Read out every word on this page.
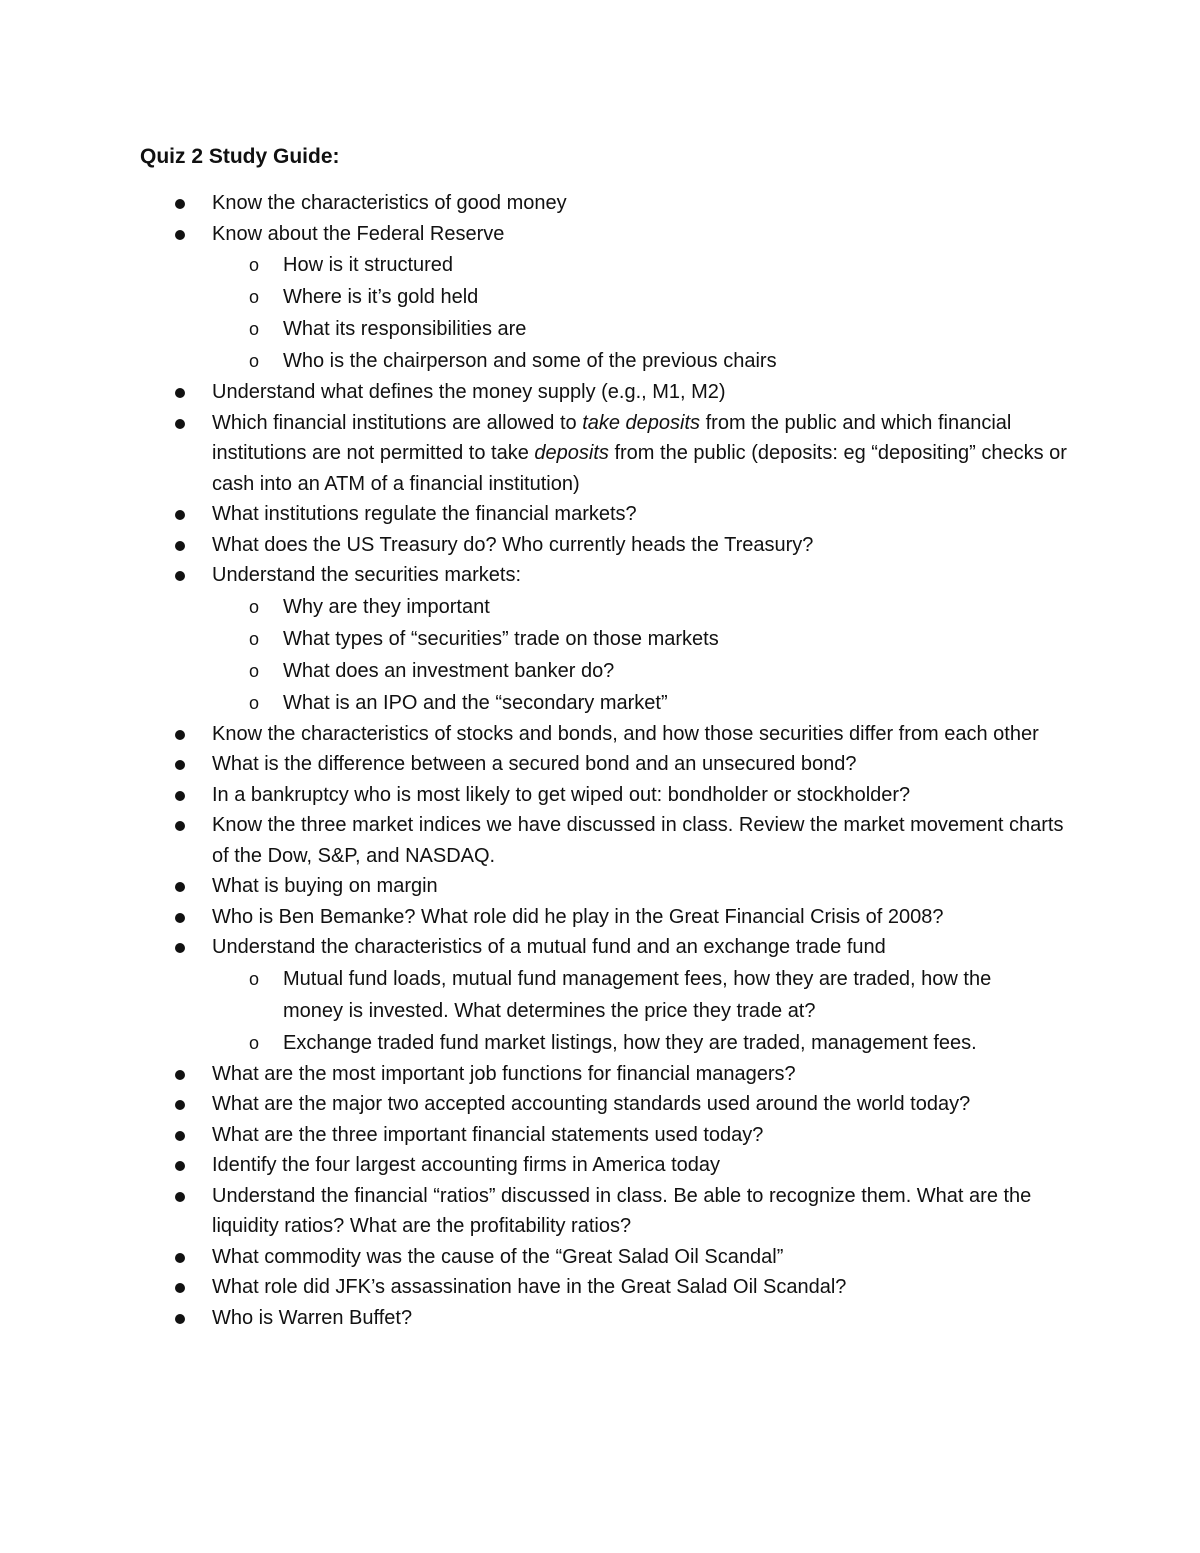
Quiz 2 Study Guide:
Know the characteristics of good money
Know about the Federal Reserve
o How is it structured
o Where is it’s gold held
o What its responsibilities are
o Who is the chairperson and some of the previous chairs
Understand what defines the money supply (e.g., M1, M2)
Which financial institutions are allowed to take deposits from the public and which financial institutions are not permitted to take deposits from the public (deposits: eg “depositing” checks or cash into an ATM of a financial institution)
What institutions regulate the financial markets?
What does the US Treasury do? Who currently heads the Treasury?
Understand the securities markets:
o Why are they important
o What types of “securities” trade on those markets
o What does an investment banker do?
o What is an IPO and the “secondary market”
Know the characteristics of stocks and bonds, and how those securities differ from each other
What is the difference between a secured bond and an unsecured bond?
In a bankruptcy who is most likely to get wiped out: bondholder or stockholder?
Know the three market indices we have discussed in class. Review the market movement charts of the Dow, S&P, and NASDAQ.
What is buying on margin
Who is Ben Bemanke? What role did he play in the Great Financial Crisis of 2008?
Understand the characteristics of a mutual fund and an exchange trade fund
o Mutual fund loads, mutual fund management fees, how they are traded, how the money is invested. What determines the price they trade at?
o Exchange traded fund market listings, how they are traded, management fees.
What are the most important job functions for financial managers?
What are the major two accepted accounting standards used around the world today?
What are the three important financial statements used today?
Identify the four largest accounting firms in America today
Understand the financial “ratios” discussed in class. Be able to recognize them. What are the liquidity ratios? What are the profitability ratios?
What commodity was the cause of the “Great Salad Oil Scandal”
What role did JFK’s assassination have in the Great Salad Oil Scandal?
Who is Warren Buffet?
